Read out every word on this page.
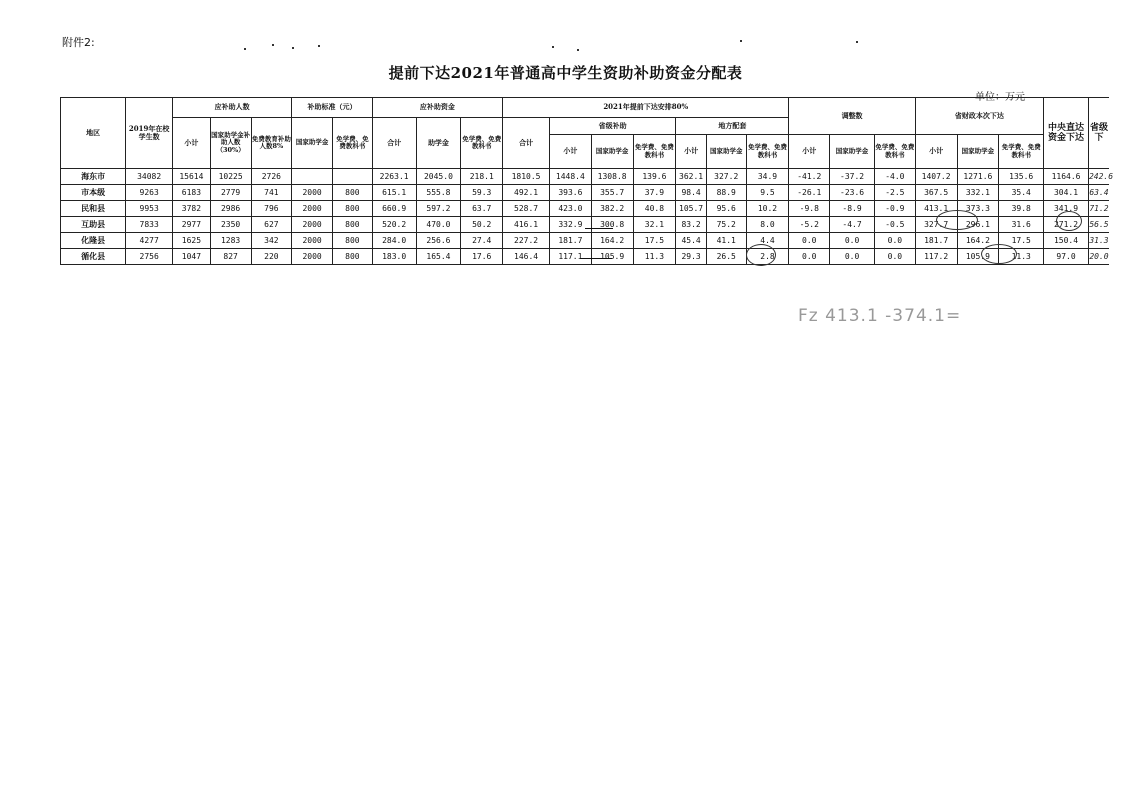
附件2:
提前下达2021年普通高中学生资助补助资金分配表
单位：万元
地区	2019年在校学生数	应补助人数			补助标准（元）		应补助资金			2021年提前下达安排80%							调整数			省财政本次下达			中央直达资金下达	省级下
		小计	国家助学金补助人数（30%）	免费教育补助人数8%	国家助学金	免学费、免费教科书	合计	助学金	免学费、免费教科书	合计	省级补助			地方配套										
											小计	国家助学金	免学费、免费教科书	小计	国家助学金	免学费、免费教科书	小计	国家助学金	免学费、免费教科书	小计	国家助学金	免学费、免费教科书		
海东市	34082	15614	10225	2726			2263.1	2045.0	218.1	1810.5	1448.4	1308.8	139.6	362.1	327.2	34.9	-41.2	-37.2	-4.0	1407.2	1271.6	135.6	1164.6	242.6
市本级	9263	6183	2779	741	2000	800	615.1	555.8	59.3	492.1	393.6	355.7	37.9	98.4	88.9	9.5	-26.1	-23.6	-2.5	367.5	332.1	35.4	304.1	63.4
民和县	9953	3782	2986	796	2000	800	660.9	597.2	63.7	528.7	423.0	382.2	40.8	105.7	95.6	10.2	-9.8	-8.9	-0.9	413.1	373.3	39.8	341.9	71.2
互助县	7833	2977	2350	627	2000	800	520.2	470.0	50.2	416.1	332.9	300.8	32.1	83.2	75.2	8.0	-5.2	-4.7	-0.5	327.7	296.1	31.6	271.2	56.5
化隆县	4277	1625	1283	342	2000	800	284.0	256.6	27.4	227.2	181.7	164.2	17.5	45.4	41.1	4.4	0.0	0.0	0.0	181.7	164.2	17.5	150.4	31.3
循化县	2756	1047	827	220	2000	800	183.0	165.4	17.6	146.4	117.1	105.9	11.3	29.3	26.5	2.8	0.0	0.0	0.0	117.2	105.9	11.3	97.0	20.0
Fz 413.1 -374.1=
